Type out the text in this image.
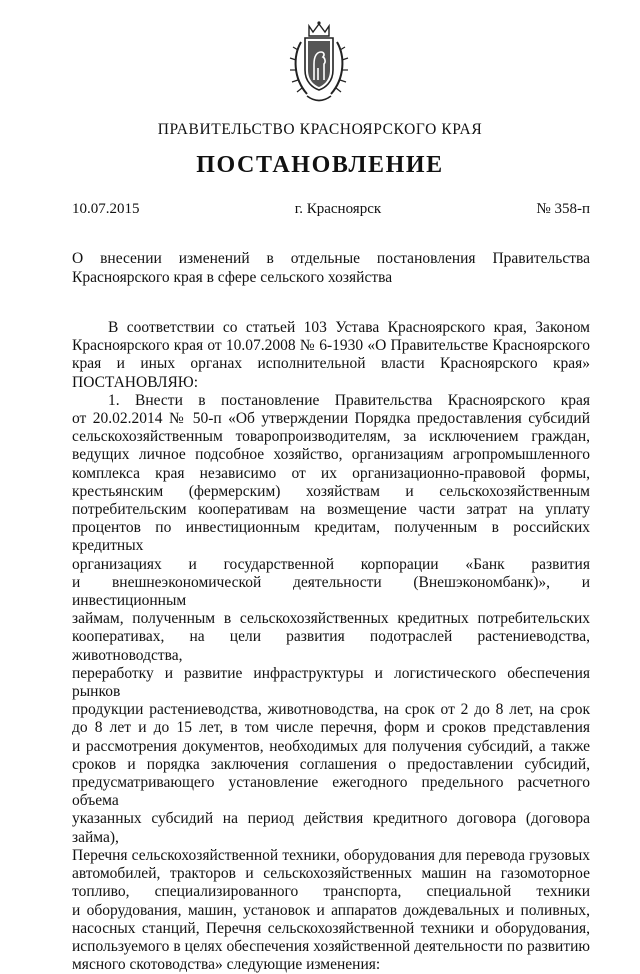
ПРАВИТЕЛЬСТВО КРАСНОЯРСКОГО КРАЯ
ПОСТАНОВЛЕНИЕ
10.07.2015	г. Красноярск	№ 358-п
О внесении изменений в отдельные постановления Правительства
Красноярского края в сфере сельского хозяйства
В соответствии со статьей 103 Устава Красноярского края, Законом
Красноярского края от 10.07.2008 № 6-1930 «О Правительстве Красноярского
края и иных органах исполнительной власти Красноярского края»
ПОСТАНОВЛЯЮ:
1. Внести в постановление Правительства Красноярского края
от 20.02.2014 № 50-п «Об утверждении Порядка предоставления субсидий
сельскохозяйственным товаропроизводителям, за исключением граждан,
ведущих личное подсобное хозяйство, организациям агропромышленного
комплекса края независимо от их организационно-правовой формы,
крестьянским (фермерским) хозяйствам и сельскохозяйственным
потребительским кооперативам на возмещение части затрат на уплату
процентов по инвестиционным кредитам, полученным в российских кредитных
организациях и государственной корпорации «Банк развития
и внешнеэкономической деятельности (Внешэкономбанк)», и инвестиционным
займам, полученным в сельскохозяйственных кредитных потребительских
кооперативах, на цели развития подотраслей растениеводства, животноводства,
переработку и развитие инфраструктуры и логистического обеспечения рынков
продукции растениеводства, животноводства, на срок от 2 до 8 лет, на срок
до 8 лет и до 15 лет, в том числе перечня, форм и сроков представления
и рассмотрения документов, необходимых для получения субсидий, а также
сроков и порядка заключения соглашения о предоставлении субсидий,
предусматривающего установление ежегодного предельного расчетного объема
указанных субсидий на период действия кредитного договора (договора займа),
Перечня сельскохозяйственной техники, оборудования для перевода грузовых
автомобилей, тракторов и сельскохозяйственных машин на газомоторное
топливо, специализированного транспорта, специальной техники
и оборудования, машин, установок и аппаратов дождевальных и поливных,
насосных станций, Перечня сельскохозяйственной техники и оборудования,
используемого в целях обеспечения хозяйственной деятельности по развитию
мясного скотоводства» следующие изменения:
